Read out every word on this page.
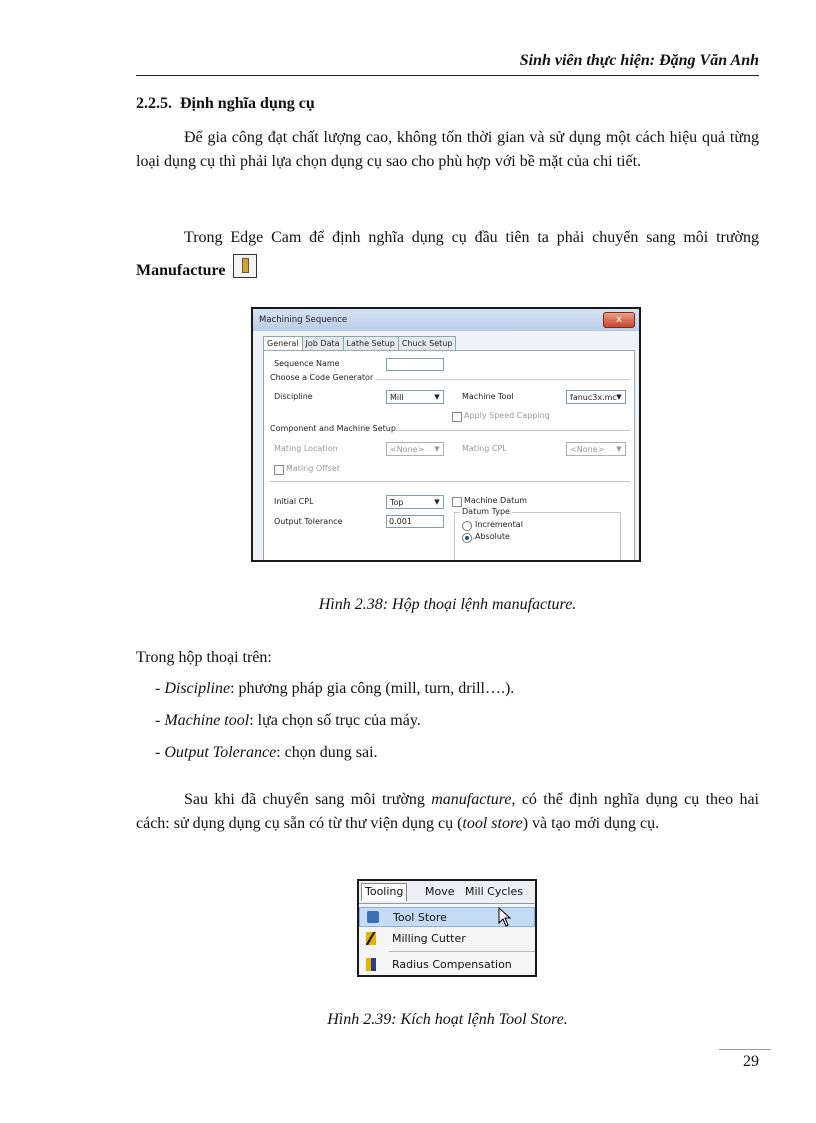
Sinh viên thực hiện: Đặng Văn Anh
2.2.5. Định nghĩa dụng cụ
Để gia công đạt chất lượng cao, không tốn thời gian và sử dụng một cách hiệu quả từng loại dụng cụ thì phải lựa chọn dụng cụ sao cho phù hợp với bề mặt của chi tiết.
Trong Edge Cam để định nghĩa dụng cụ đầu tiên ta phải chuyển sang môi trường Manufacture
Machining Sequence	x
General Job Data Lathe Setup Chuck Setup
Sequence Name
Choose a Code Generator
Discipline	Mill	▼	Machine Tool	fanuc3x.mc ▼
Apply Speed Capping
Component and Machine Setup
Mating Location	<None>	▼	Mating CPL	<None>	▼
Mating Offset
Initial CPL	Top	▼	Machine Datum
Output Tolerance	0.001
Datum Type
Incremental
Absolute
Hình 2.38: Hộp thoại lệnh manufacture.
Trong hộp thoại trên:
- Discipline: phương pháp gia công (mill, turn, drill….).
- Machine tool: lựa chọn số trục của máy.
- Output Tolerance: chọn dung sai.
Sau khi đã chuyển sang môi trường manufacture, có thể định nghĩa dụng cụ theo hai cách: sử dụng dụng cụ sẵn có từ thư viện dụng cụ (tool store) và tạo mới dụng cụ.
Tooling	Move Mill Cycles
Tool Store
Milling Cutter
Radius Compensation
Hình 2.39: Kích hoạt lệnh Tool Store.
29
